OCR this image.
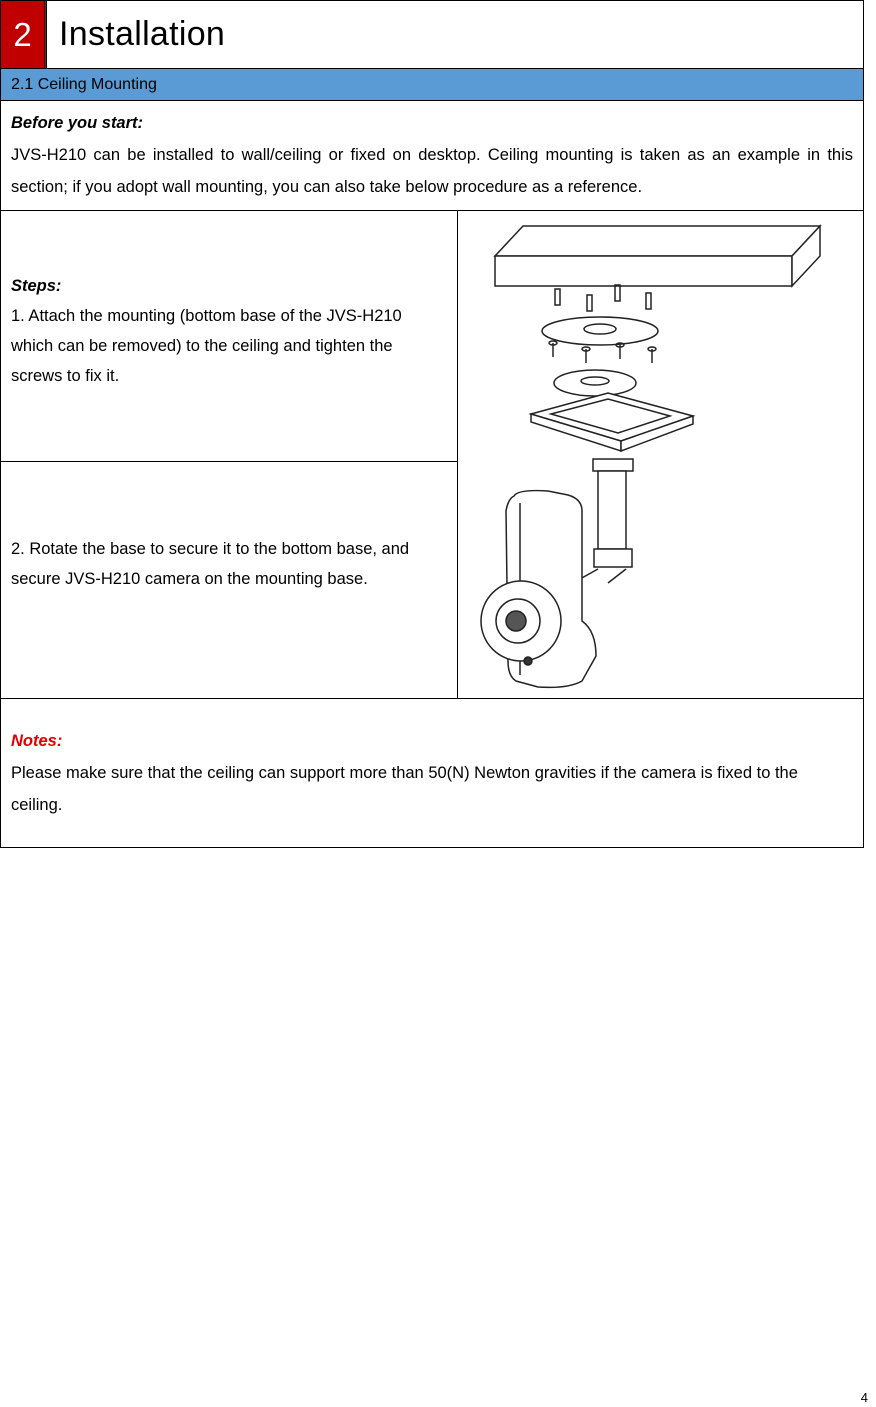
2 Installation
2.1 Ceiling Mounting
Before you start:
JVS-H210 can be installed to wall/ceiling or fixed on desktop. Ceiling mounting is taken as an example in this section; if you adopt wall mounting, you can also take below procedure as a reference.
Steps:
1. Attach the mounting (bottom base of the JVS-H210 which can be removed) to the ceiling and tighten the screws to fix it.
2. Rotate the base to secure it to the bottom base, and secure JVS-H210 camera on the mounting base.
Notes:
Please make sure that the ceiling can support more than 50(N) Newton gravities if the camera is fixed to the ceiling.
4
